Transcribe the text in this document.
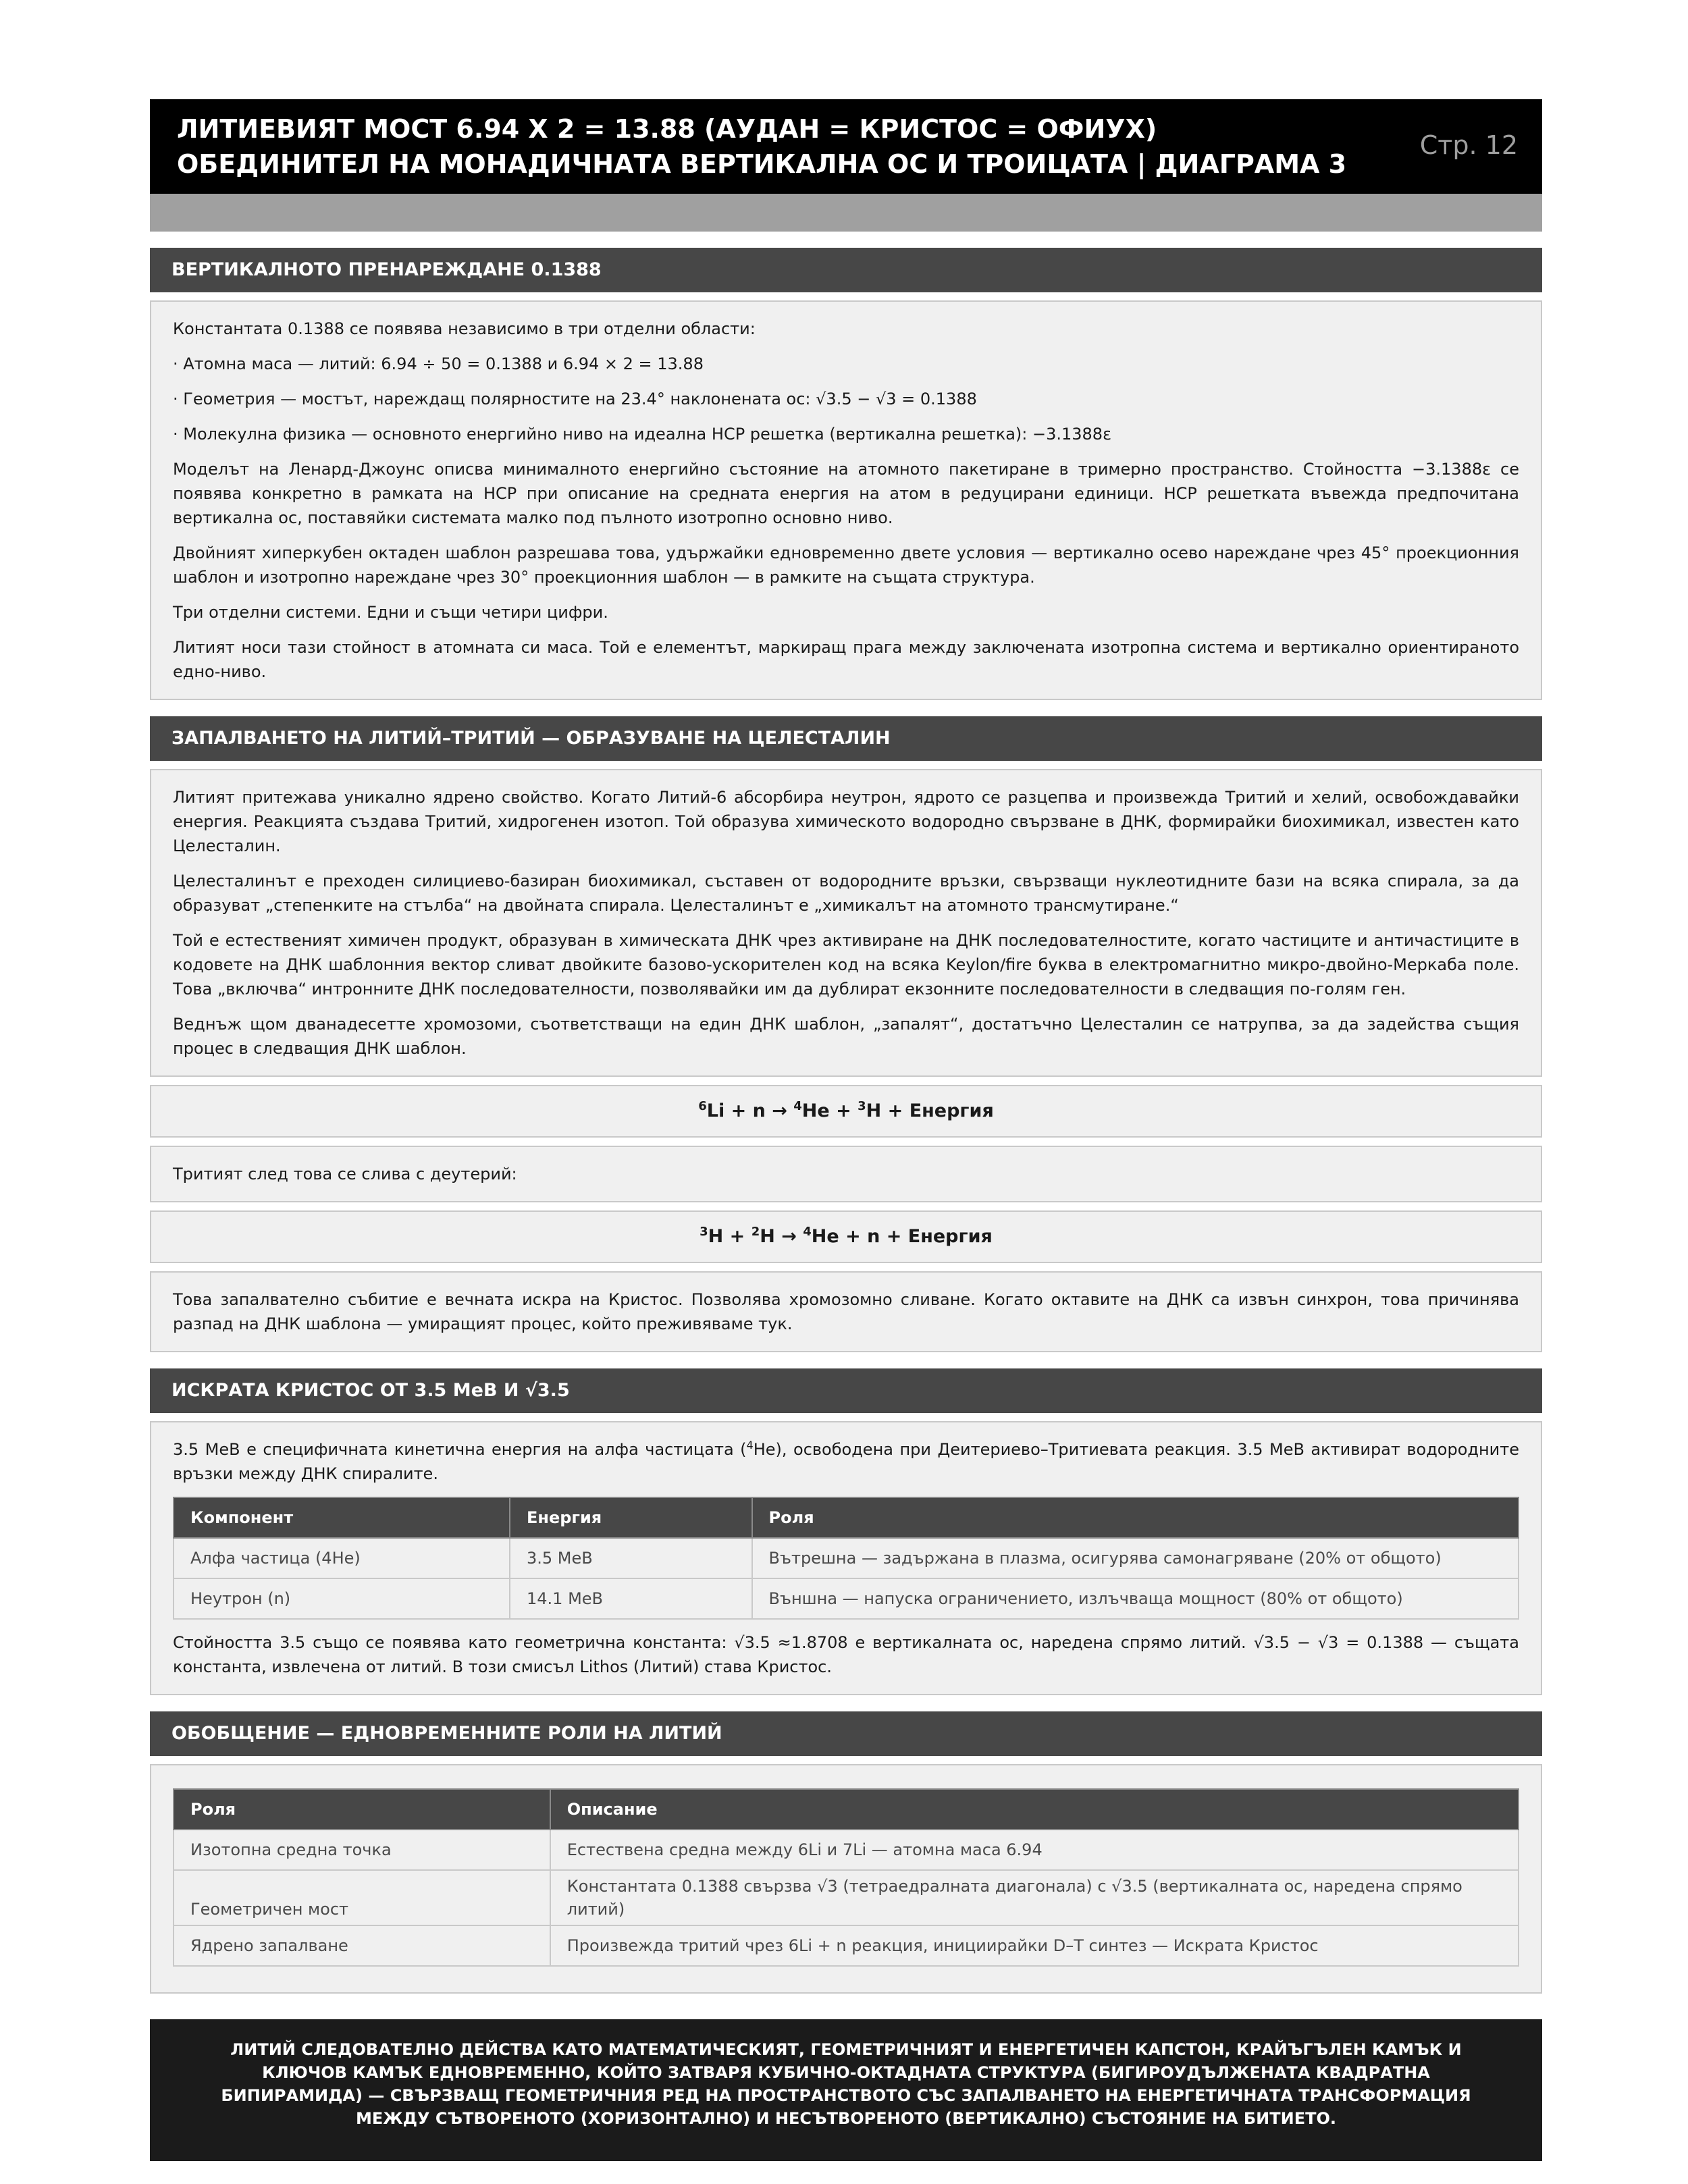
ЛИТИЕВИЯТ МОСТ 6.94 X 2 = 13.88 (АУДАН = КРИСТОС = ОФИУХ)
ОБЕДИНИТЕЛ НА МОНАДИЧНАТА ВЕРТИКАЛНА ОС И ТРОИЦАТА | ДИАГРАМА 3
Стр. 12
ВЕРТИКАЛНОТО ПРЕНАРЕЖДАНЕ 0.1388

Константата 0.1388 се появява независимо в три отделни области:

· Атомна маса — литий: 6.94 ÷ 50 = 0.1388 и 6.94 × 2 = 13.88

· Геометрия — мостът, нареждащ полярностите на 23.4° наклонената ос: √3.5 − √3 = 0.1388

· Молекулна физика — основното енергийно ниво на идеална HCP решетка (вертикална решетка): −3.1388ε

Моделът на Ленард-Джоунс описва минималното енергийно състояние на атомното пакетиране в тримерно пространство. Стойността −3.1388ε се появява конкретно в рамката на HCP при описание на средната енергия на атом в редуцирани единици. HCP решетката въвежда предпочитана вертикална ос, поставяйки системата малко под пълното изотропно основно ниво.

Двойният хиперкубен октаден шаблон разрешава това, удържайки едновременно двете условия — вертикално осево нареждане чрез 45° проекционния шаблон и изотропно нареждане чрез 30° проекционния шаблон — в рамките на същата структура.

Три отделни системи. Едни и същи четири цифри.

Литият носи тази стойност в атомната си маса. Той е елементът, маркиращ прага между заключената изотропна система и вертикално ориентираното едно-ниво.

ЗАПАЛВАНЕТО НА ЛИТИЙ–ТРИТИЙ — ОБРАЗУВАНЕ НА ЦЕЛЕСТАЛИН

Литият притежава уникално ядрено свойство. Когато Литий-6 абсорбира неутрон, ядрото се разцепва и произвежда Тритий и хелий, освобождавайки енергия. Реакцията създава Тритий, хидрогенен изотоп. Той образува химическото водородно свързване в ДНК, формирайки биохимикал, известен като Целесталин.

Целесталинът е преходен силициево-базиран биохимикал, съставен от водородните връзки, свързващи нуклеотидните бази на всяка спирала, за да образуват „степенките на стълба“ на двойната спирала. Целесталинът е „химикалът на атомното трансмутиране.“

Той е естественият химичен продукт, образуван в химическата ДНК чрез активиране на ДНК последователностите, когато частиците и античастиците в кодовете на ДНК шаблонния вектор сливат двойките базово-ускорителен код на всяка Keylon/fire буква в електромагнитно микро-двойно-Меркаба поле. Това „включва“ интронните ДНК последователности, позволявайки им да дублират екзонните последователности в следващия по-голям ген.

Веднъж щом дванадесетте хромозоми, съответстващи на един ДНК шаблон, „запалят“, достатъчно Целесталин се натрупва, за да задейства същия процес в следващия ДНК шаблон.

$^6$Li + n → $^4$He + $^3$H + Енергия

Тритият след това се слива с деутерий:

$^3$H + $^2$H → $^4$He + n + Енергия

Това запалвателно събитие е вечната искра на Кристос. Позволява хромозомно сливане. Когато октавите на ДНК са извън синхрон, това причинява разпад на ДНК шаблона — умиращият процес, който преживяваме тук.

ИСКРАТА КРИСТОС ОТ 3.5 MeB И √3.5

3.5 MeB е специфичната кинетична енергия на алфа частицата ($^4$He), освободена при Деитериево–Тритиевата реакция. 3.5 MeB активират водородните връзки между ДНК спиралите.

Компонент	Енергия	Роля
Алфа частица (4He)	3.5 MeB	Вътрешна — задържана в плазма, осигурява самонагряване (20% от общото)
Неутрон (n)	14.1 MeB	Външна — напуска ограничението, излъчваща мощност (80% от общото)

Стойността 3.5 също се появява като геометрична константа: √3.5 ≈1.8708 е вертикалната ос, наредена спрямо литий. √3.5 − √3 = 0.1388 — същата константа, извлечена от литий. В този смисъл Lithos (Литий) става Кристос.

ОБОБЩЕНИЕ — ЕДНОВРЕМЕННИТЕ РОЛИ НА ЛИТИЙ
Роля	Описание
Изотопна средна точка	Естествена средна между 6Li и 7Li — атомна маса 6.94
Геометричен мост	Константата 0.1388 свързва √3 (тетраедралната диагонала) с √3.5 (вертикалната ос, наредена спрямо литий)
Ядрено запалване	Произвежда тритий чрез 6Li + n реакция, инициирайки D–T синтез — Искрата Кристос
ЛИТИЙ СЛЕДОВАТЕЛНО ДЕЙСТВА КАТО МАТЕМАТИЧЕСКИЯТ, ГЕОМЕТРИЧНИЯТ И ЕНЕРГЕТИЧЕН КАПСТОН, КРАЙЪГЪЛЕН КАМЪК И КЛЮЧОВ КАМЪК ЕДНОВРЕМЕННО, КОЙТО ЗАТВАРЯ КУБИЧНО-ОКТАДНАТА СТРУКТУРА (БИГИРОУДЪЛЖЕНАТА КВАДРАТНА БИПИРАМИДА) — СВЪРЗВАЩ ГЕОМЕТРИЧНИЯ РЕД НА ПРОСТРАНСТВОТО СЪС ЗАПАЛВАНЕТО НА ЕНЕРГЕТИЧНАТА ТРАНСФОРМАЦИЯ МЕЖДУ СЪТВОРЕНОТО (ХОРИЗОНТАЛНО) И НЕСЪТВОРЕНОТО (ВЕРТИКАЛНО) СЪСТОЯНИЕ НА БИТИЕТО.
